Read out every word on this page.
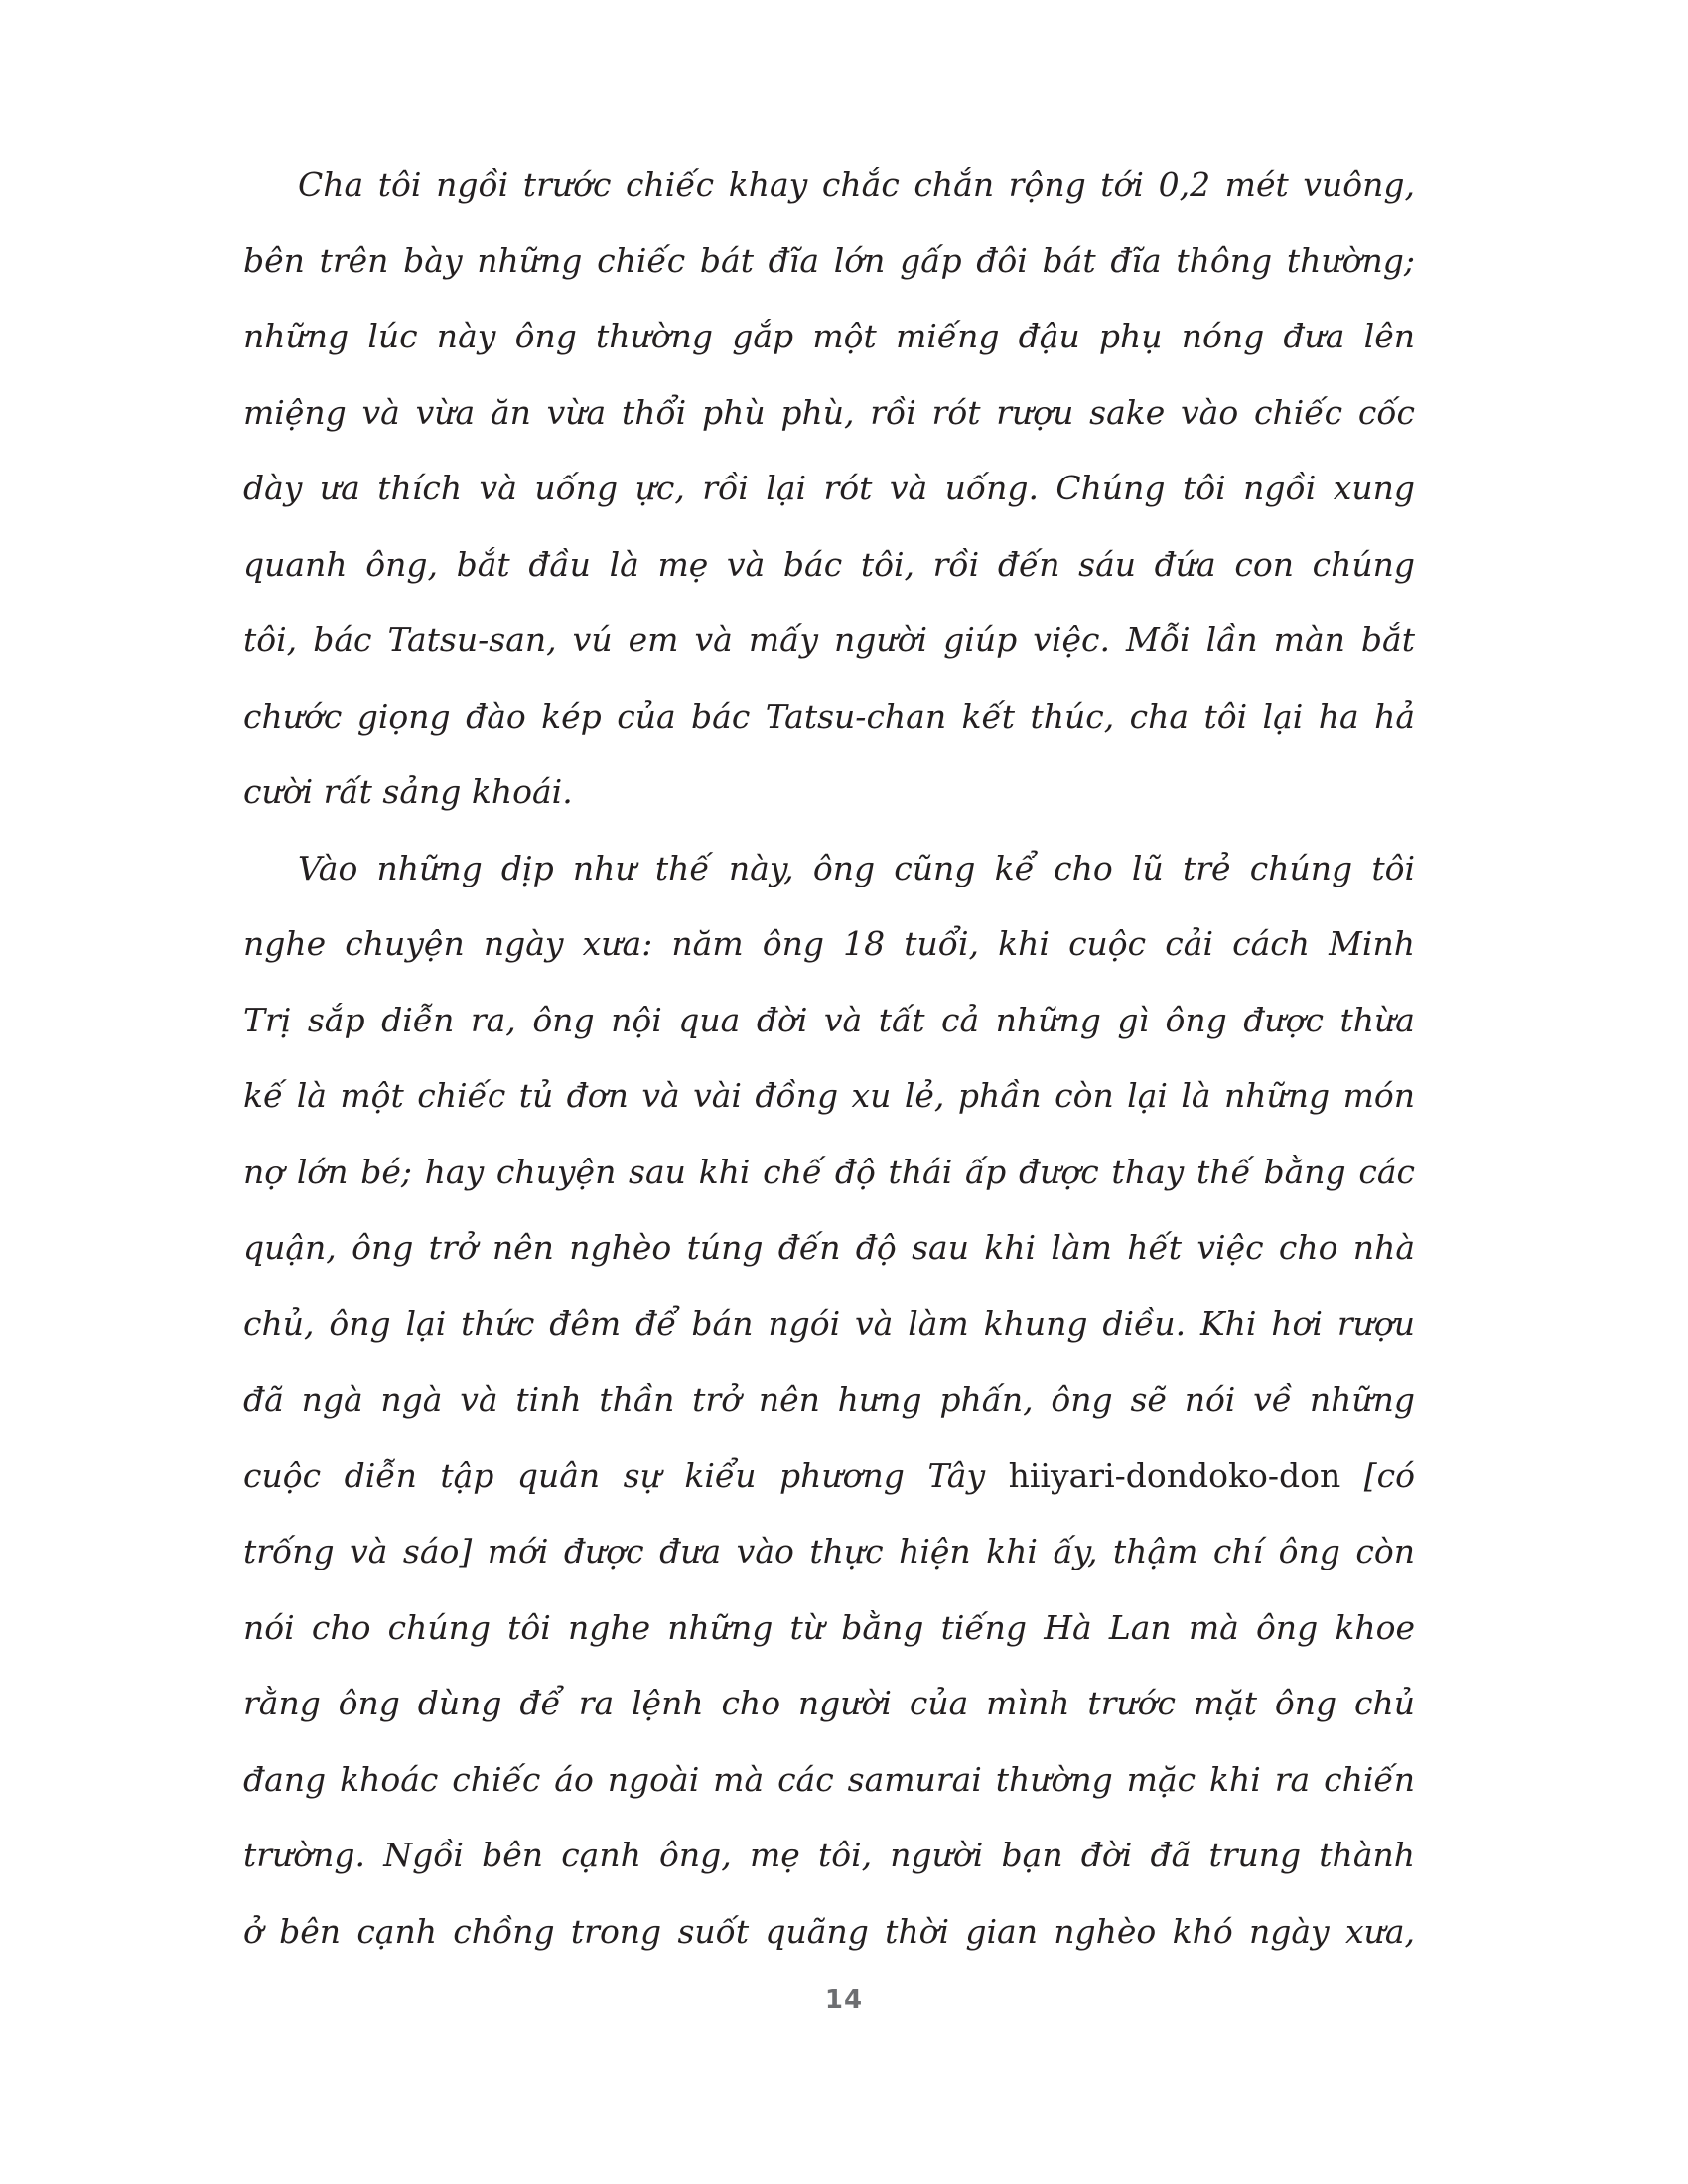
Cha tôi ngồi trước chiếc khay chắc chắn rộng tới 0,2 mét vuông,
bên trên bày những chiếc bát đĩa lớn gấp đôi bát đĩa thông thường;
những lúc này ông thường gắp một miếng đậu phụ nóng đưa lên
miệng và vừa ăn vừa thổi phù phù, rồi rót rượu sake vào chiếc cốc
dày ưa thích và uống ực, rồi lại rót và uống. Chúng tôi ngồi xung
quanh ông, bắt đầu là mẹ và bác tôi, rồi đến sáu đứa con chúng
tôi, bác Tatsu-san, vú em và mấy người giúp việc. Mỗi lần màn bắt
chước giọng đào kép của bác Tatsu-chan kết thúc, cha tôi lại ha hả
cười rất sảng khoái.
Vào những dịp như thế này, ông cũng kể cho lũ trẻ chúng tôi
nghe chuyện ngày xưa: năm ông 18 tuổi, khi cuộc cải cách Minh
Trị sắp diễn ra, ông nội qua đời và tất cả những gì ông được thừa
kế là một chiếc tủ đơn và vài đồng xu lẻ, phần còn lại là những món
nợ lớn bé; hay chuyện sau khi chế độ thái ấp được thay thế bằng các
quận, ông trở nên nghèo túng đến độ sau khi làm hết việc cho nhà
chủ, ông lại thức đêm để bán ngói và làm khung diều. Khi hơi rượu
đã ngà ngà và tinh thần trở nên hưng phấn, ông sẽ nói về những
cuộc diễn tập quân sự kiểu phương Tây hiiyari-dondoko-don [có
trống và sáo] mới được đưa vào thực hiện khi ấy, thậm chí ông còn
nói cho chúng tôi nghe những từ bằng tiếng Hà Lan mà ông khoe
rằng ông dùng để ra lệnh cho người của mình trước mặt ông chủ
đang khoác chiếc áo ngoài mà các samurai thường mặc khi ra chiến
trường. Ngồi bên cạnh ông, mẹ tôi, người bạn đời đã trung thành
ở bên cạnh chồng trong suốt quãng thời gian nghèo khó ngày xưa,
14
